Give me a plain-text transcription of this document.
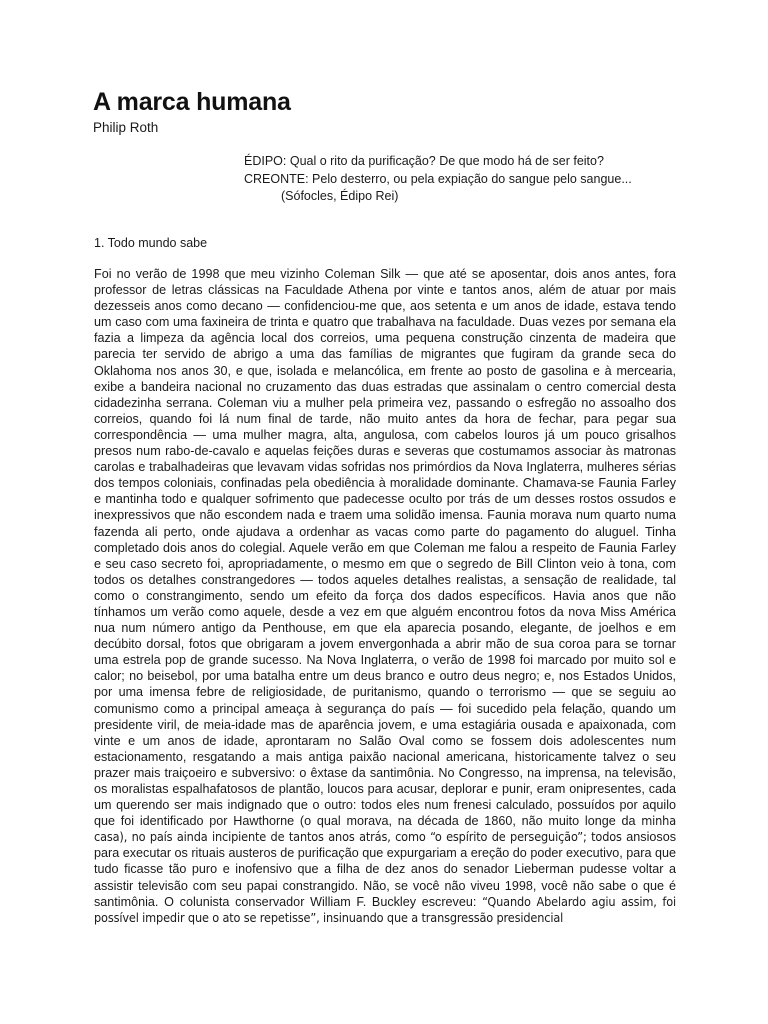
A marca humana

Philip Roth

ÉDIPO: Qual o rito da purificação? De que modo há de ser feito?
CREONTE: Pelo desterro, ou pela expiação do sangue pelo sangue...
(Sófocles, Édipo Rei)

1. Todo mundo sabe

Foi no verão de 1998 que meu vizinho Coleman Silk — que até se aposentar, dois anos antes, fora professor de letras clássicas na Faculdade Athena por vinte e tantos anos, além de atuar por mais dezesseis anos como decano — confidenciou-me que, aos setenta e um anos de idade, estava tendo um caso com uma faxineira de trinta e quatro que trabalhava na faculdade. Duas vezes por semana ela fazia a limpeza da agência local dos correios, uma pequena construção cinzenta de madeira que parecia ter servido de abrigo a uma das famílias de migrantes que fugiram da grande seca do Oklahoma nos anos 30, e que, isolada e melancólica, em frente ao posto de gasolina e à mercearia, exibe a bandeira nacional no cruzamento das duas estradas que assinalam o centro comercial desta cidadezinha serrana. Coleman viu a mulher pela primeira vez, passando o esfregão no assoalho dos correios, quando foi lá num final de tarde, não muito antes da hora de fechar, para pegar sua correspondência — uma mulher magra, alta, angulosa, com cabelos louros já um pouco grisalhos presos num rabo-de-cavalo e aquelas feições duras e severas que costumamos associar às matronas carolas e trabalhadeiras que levavam vidas sofridas nos primórdios da Nova Inglaterra, mulheres sérias dos tempos coloniais, confinadas pela obediência à moralidade dominante. Chamava-se Faunia Farley e mantinha todo e qualquer sofrimento que padecesse oculto por trás de um desses rostos ossudos e inexpressivos que não escondem nada e traem uma solidão imensa. Faunia morava num quarto numa fazenda ali perto, onde ajudava a ordenhar as vacas como parte do pagamento do aluguel. Tinha completado dois anos do colegial. Aquele verão em que Coleman me falou a respeito de Faunia Farley e seu caso secreto foi, apropriadamente, o mesmo em que o segredo de Bill Clinton veio à tona, com todos os detalhes constrangedores — todos aqueles detalhes realistas, a sensação de realidade, tal como o constrangimento, sendo um efeito da força dos dados específicos. Havia anos que não tínhamos um verão como aquele, desde a vez em que alguém encontrou fotos da nova Miss América nua num número antigo da Penthouse, em que ela aparecia posando, elegante, de joelhos e em decúbito dorsal, fotos que obrigaram a jovem envergonhada a abrir mão de sua coroa para se tornar uma estrela pop de grande sucesso. Na Nova Inglaterra, o verão de 1998 foi marcado por muito sol e calor; no beisebol, por uma batalha entre um deus branco e outro deus negro; e, nos Estados Unidos, por uma imensa febre de religiosidade, de puritanismo, quando o terrorismo — que se seguiu ao comunismo como a principal ameaça à segurança do país — foi sucedido pela felação, quando um presidente viril, de meia-idade mas de aparência jovem, e uma estagiária ousada e apaixonada, com vinte e um anos de idade, aprontaram no Salão Oval como se fossem dois adolescentes num estacionamento, resgatando a mais antiga paixão nacional americana, historicamente talvez o seu prazer mais traiçoeiro e subversivo: o êxtase da santimônia. No Congresso, na imprensa, na televisão, os moralistas espalhafatosos de plantão, loucos para acusar, deplorar e punir, eram onipresentes, cada um querendo ser mais indignado que o outro: todos eles num frenesi calculado, possuídos por aquilo que foi identificado por Hawthorne (o qual morava, na década de 1860, não muito longe da minha casa), no país ainda incipiente de tantos anos atrás, como “o espírito de perseguição”; todos ansiosos para executar os rituais austeros de purificação que expurgariam a ereção do poder executivo, para que tudo ficasse tão puro e inofensivo que a filha de dez anos do senador Lieberman pudesse voltar a assistir televisão com seu papai constrangido. Não, se você não viveu 1998, você não sabe o que é santimônia. O colunista conservador William F. Buckley escreveu: “Quando Abelardo agiu assim, foi possível impedir que o ato se repetisse”, insinuando que a transgressão presidencial
